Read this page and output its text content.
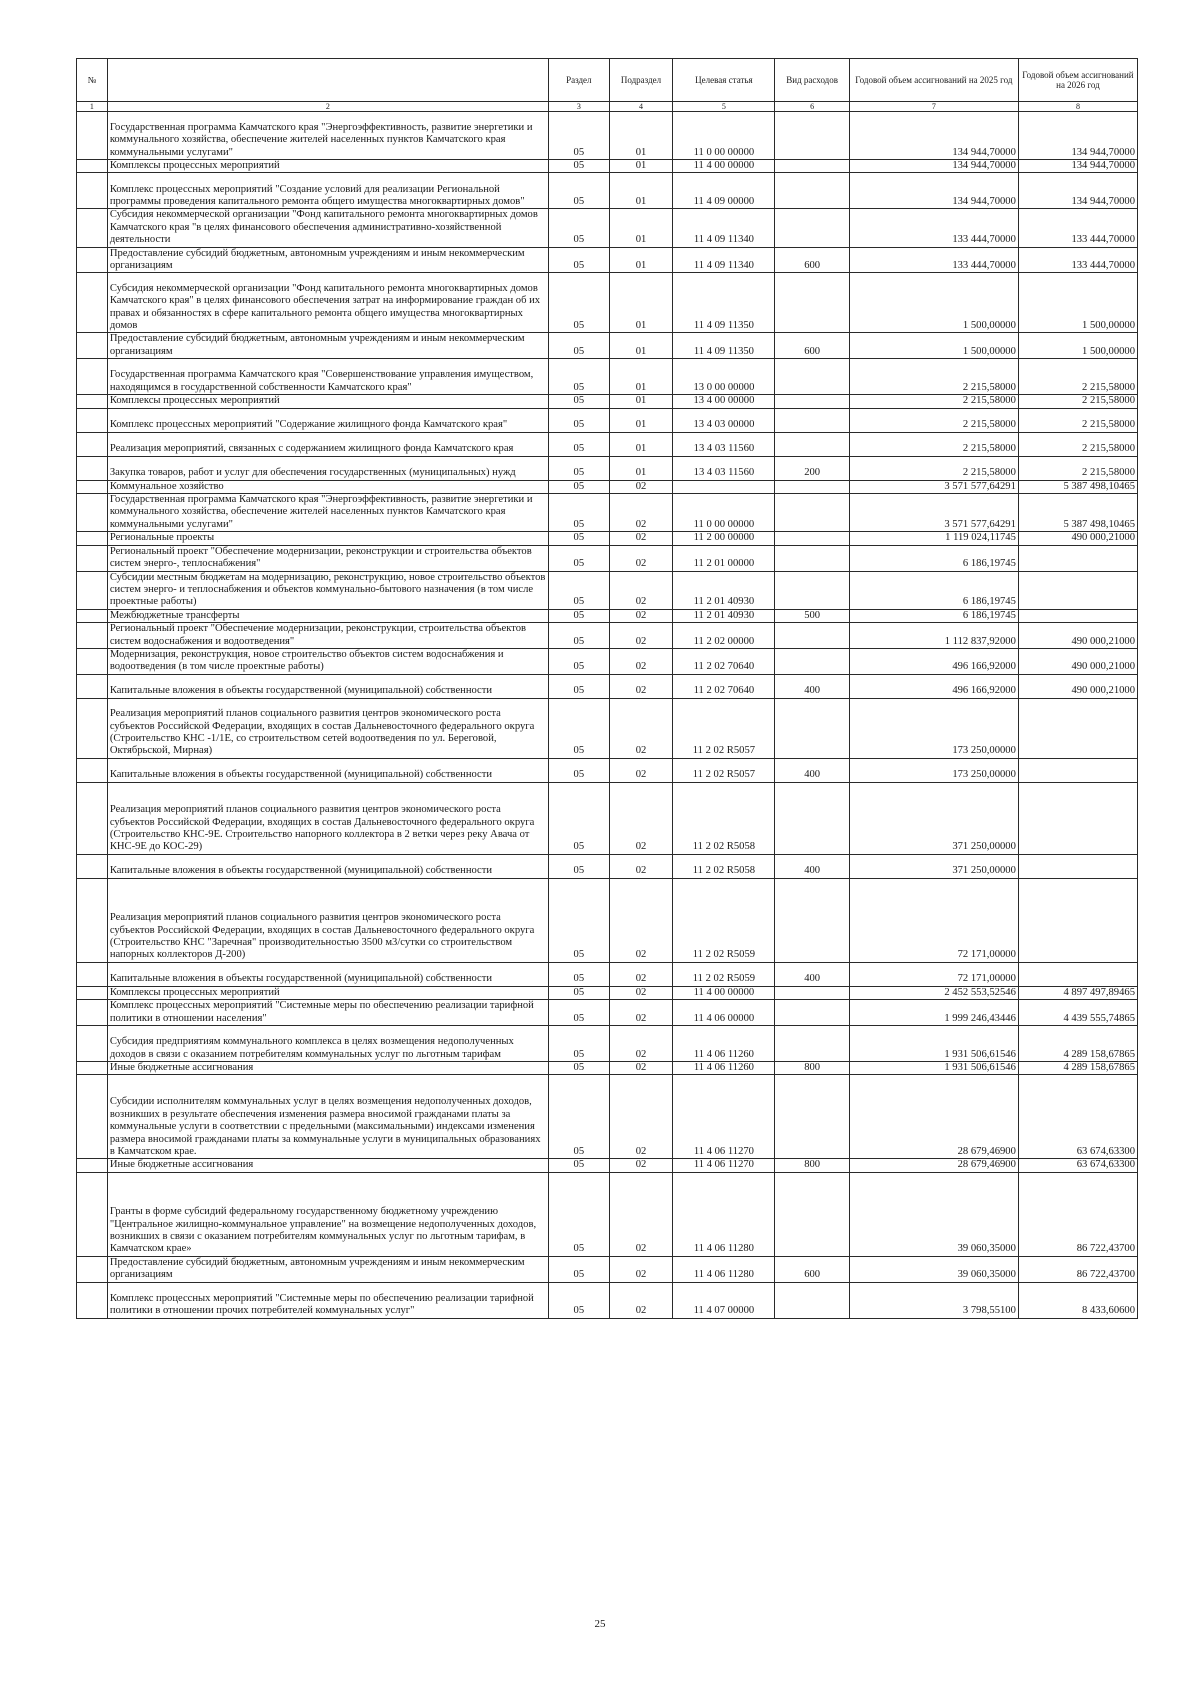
№		Раздел	Подраздел	Целевая статья	Вид расходов	Годовой объем ассигнований на 2025 год	Годовой объем ассигнований на 2026 год
1	2	3	4	5	6	7	8
	Государственная программа Камчатского края "Энергоэффективность, развитие энергетики и коммунального хозяйства, обеспечение жителей населенных пунктов Камчатского края коммунальными услугами"	05	01	11 0 00 00000		134 944,70000	134 944,70000
	Комплексы процессных мероприятий	05	01	11 4 00 00000		134 944,70000	134 944,70000
	Комплекс процессных мероприятий "Создание условий для реализации Региональной программы проведения капитального ремонта общего имущества многоквартирных домов"	05	01	11 4 09 00000		134 944,70000	134 944,70000
	Субсидия некоммерческой организации "Фонд капитального ремонта многоквартирных домов Камчатского края "в целях финансового обеспечения административно-хозяйственной деятельности	05	01	11 4 09 11340		133 444,70000	133 444,70000
	Предоставление субсидий бюджетным, автономным учреждениям и иным некоммерческим организациям	05	01	11 4 09 11340	600	133 444,70000	133 444,70000
	Субсидия некоммерческой организации "Фонд капитального ремонта многоквартирных домов Камчатского края" в целях финансового обеспечения затрат на информирование граждан об их правах и обязанностях в сфере капитального ремонта общего имущества многоквартирных домов	05	01	11 4 09 11350		1 500,00000	1 500,00000
	Предоставление субсидий бюджетным, автономным учреждениям и иным некоммерческим организациям	05	01	11 4 09 11350	600	1 500,00000	1 500,00000
	Государственная программа Камчатского края "Совершенствование управления имуществом, находящимся в государственной собственности Камчатского края"	05	01	13 0 00 00000		2 215,58000	2 215,58000
	Комплексы процессных мероприятий	05	01	13 4 00 00000		2 215,58000	2 215,58000
	Комплекс процессных мероприятий "Содержание жилищного фонда Камчатского края"	05	01	13 4 03 00000		2 215,58000	2 215,58000
	Реализация мероприятий, связанных с содержанием жилищного фонда Камчатского края	05	01	13 4 03 11560		2 215,58000	2 215,58000
	Закупка товаров, работ и услуг для обеспечения государственных (муниципальных) нужд	05	01	13 4 03 11560	200	2 215,58000	2 215,58000
	Коммунальное хозяйство	05	02			3 571 577,64291	5 387 498,10465
	Государственная программа Камчатского края "Энергоэффективность, развитие энергетики и коммунального хозяйства, обеспечение жителей населенных пунктов Камчатского края коммунальными услугами"	05	02	11 0 00 00000		3 571 577,64291	5 387 498,10465
	Региональные проекты	05	02	11 2 00 00000		1 119 024,11745	490 000,21000
	Региональный проект "Обеспечение модернизации, реконструкции и строительства объектов систем энерго-, теплоснабжения"	05	02	11 2 01 00000		6 186,19745	
	Субсидии местным бюджетам на модернизацию, реконструкцию, новое строительство объектов систем энерго- и теплоснабжения и объектов коммунально-бытового назначения (в том числе проектные работы)	05	02	11 2 01 40930		6 186,19745	
	Межбюджетные трансферты	05	02	11 2 01 40930	500	6 186,19745	
	Региональный проект "Обеспечение модернизации, реконструкции, строительства объектов систем водоснабжения и водоотведения"	05	02	11 2 02 00000		1 112 837,92000	490 000,21000
	Модернизация, реконструкция, новое строительство объектов систем водоснабжения и водоотведения (в том числе проектные работы)	05	02	11 2 02 70640		496 166,92000	490 000,21000
	Капитальные вложения в объекты государственной (муниципальной) собственности	05	02	11 2 02 70640	400	496 166,92000	490 000,21000
	Реализация мероприятий планов социального развития центров экономического роста субъектов Российской Федерации, входящих в состав Дальневосточного федерального округа (Строительство КНС -1/1Е, со строительством сетей водоотведения по ул. Береговой, Октябрьской, Мирная)	05	02	11 2 02 R5057		173 250,00000	
	Капитальные вложения в объекты государственной (муниципальной) собственности	05	02	11 2 02 R5057	400	173 250,00000	
	Реализация мероприятий планов социального развития центров экономического роста субъектов Российской Федерации, входящих в состав Дальневосточного федерального округа (Строительство КНС-9Е. Строительство напорного коллектора в 2 ветки через реку Авача от КНС-9Е до КОС-29)	05	02	11 2 02 R5058		371 250,00000	
	Капитальные вложения в объекты государственной (муниципальной) собственности	05	02	11 2 02 R5058	400	371 250,00000	
	Реализация мероприятий планов социального развития центров экономического роста субъектов Российской Федерации, входящих в состав Дальневосточного федерального округа (Строительство КНС "Заречная" производительностью 3500 м3/сутки со строительством напорных коллекторов Д-200)	05	02	11 2 02 R5059		72 171,00000	
	Капитальные вложения в объекты государственной (муниципальной) собственности	05	02	11 2 02 R5059	400	72 171,00000	
	Комплексы процессных мероприятий	05	02	11 4 00 00000		2 452 553,52546	4 897 497,89465
	Комплекс процессных мероприятий "Системные меры по обеспечению реализации тарифной политики в отношении населения"	05	02	11 4 06 00000		1 999 246,43446	4 439 555,74865
	Субсидия предприятиям коммунального комплекса в целях возмещения недополученных доходов в связи с оказанием потребителям коммунальных услуг по льготным тарифам	05	02	11 4 06 11260		1 931 506,61546	4 289 158,67865
	Иные бюджетные ассигнования	05	02	11 4 06 11260	800	1 931 506,61546	4 289 158,67865
	Субсидии исполнителям коммунальных услуг в целях возмещения недополученных доходов, возникших в результате обеспечения изменения размера вносимой гражданами платы за коммунальные услуги в соответствии с предельными (максимальными) индексами изменения размера вносимой гражданами платы за коммунальные услуги в муниципальных образованиях в Камчатском крае.	05	02	11 4 06 11270		28 679,46900	63 674,63300
	Иные бюджетные ассигнования	05	02	11 4 06 11270	800	28 679,46900	63 674,63300
	Гранты в форме субсидий федеральному государственному бюджетному учреждению "Центральное жилищно-коммунальное управление" на возмещение недополученных доходов, возникших в связи с оказанием потребителям коммунальных услуг по льготным тарифам, в Камчатском крае»	05	02	11 4 06 11280		39 060,35000	86 722,43700
	Предоставление субсидий бюджетным, автономным учреждениям и иным некоммерческим организациям	05	02	11 4 06 11280	600	39 060,35000	86 722,43700
	Комплекс процессных мероприятий "Системные меры по обеспечению реализации тарифной политики в отношении прочих потребителей коммунальных услуг"	05	02	11 4 07 00000		3 798,55100	8 433,60600
25
